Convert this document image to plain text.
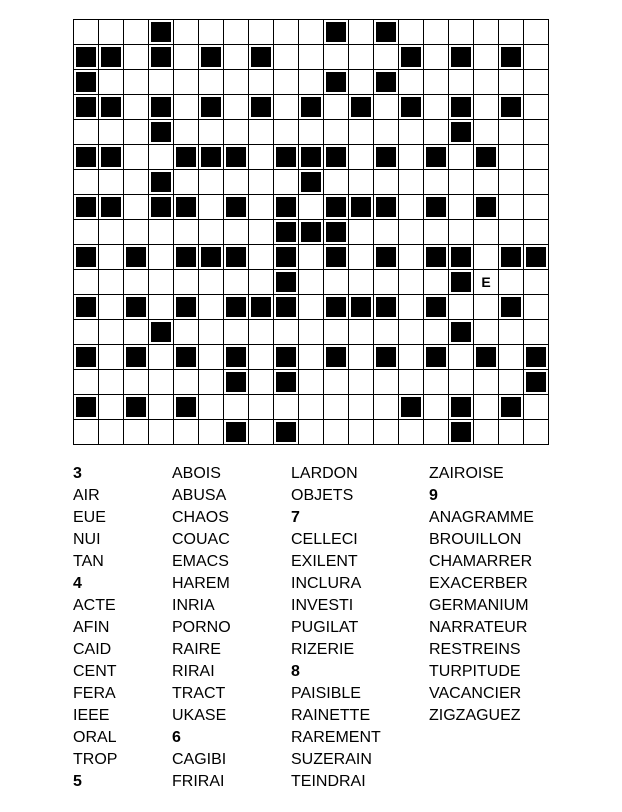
E
3
AIR
EUE
NUI
TAN
4
ACTE
AFIN
CAID
CENT
FERA
IEEE
ORAL
TROP
5
ABOIS
ABUSA
CHAOS
COUAC
EMACS
HAREM
INRIA
PORNO
RAIRE
RIRAI
TRACT
UKASE
6
CAGIBI
FRIRAI
LARDON
OBJETS
7
CELLECI
EXILENT
INCLURA
INVESTI
PUGILAT
RIZERIE
8
PAISIBLE
RAINETTE
RAREMENT
SUZERAIN
TEINDRAI
ZAIROISE
9
ANAGRAMME
BROUILLON
CHAMARRER
EXACERBER
GERMANIUM
NARRATEUR
RESTREINS
TURPITUDE
VACANCIER
ZIGZAGUEZ
